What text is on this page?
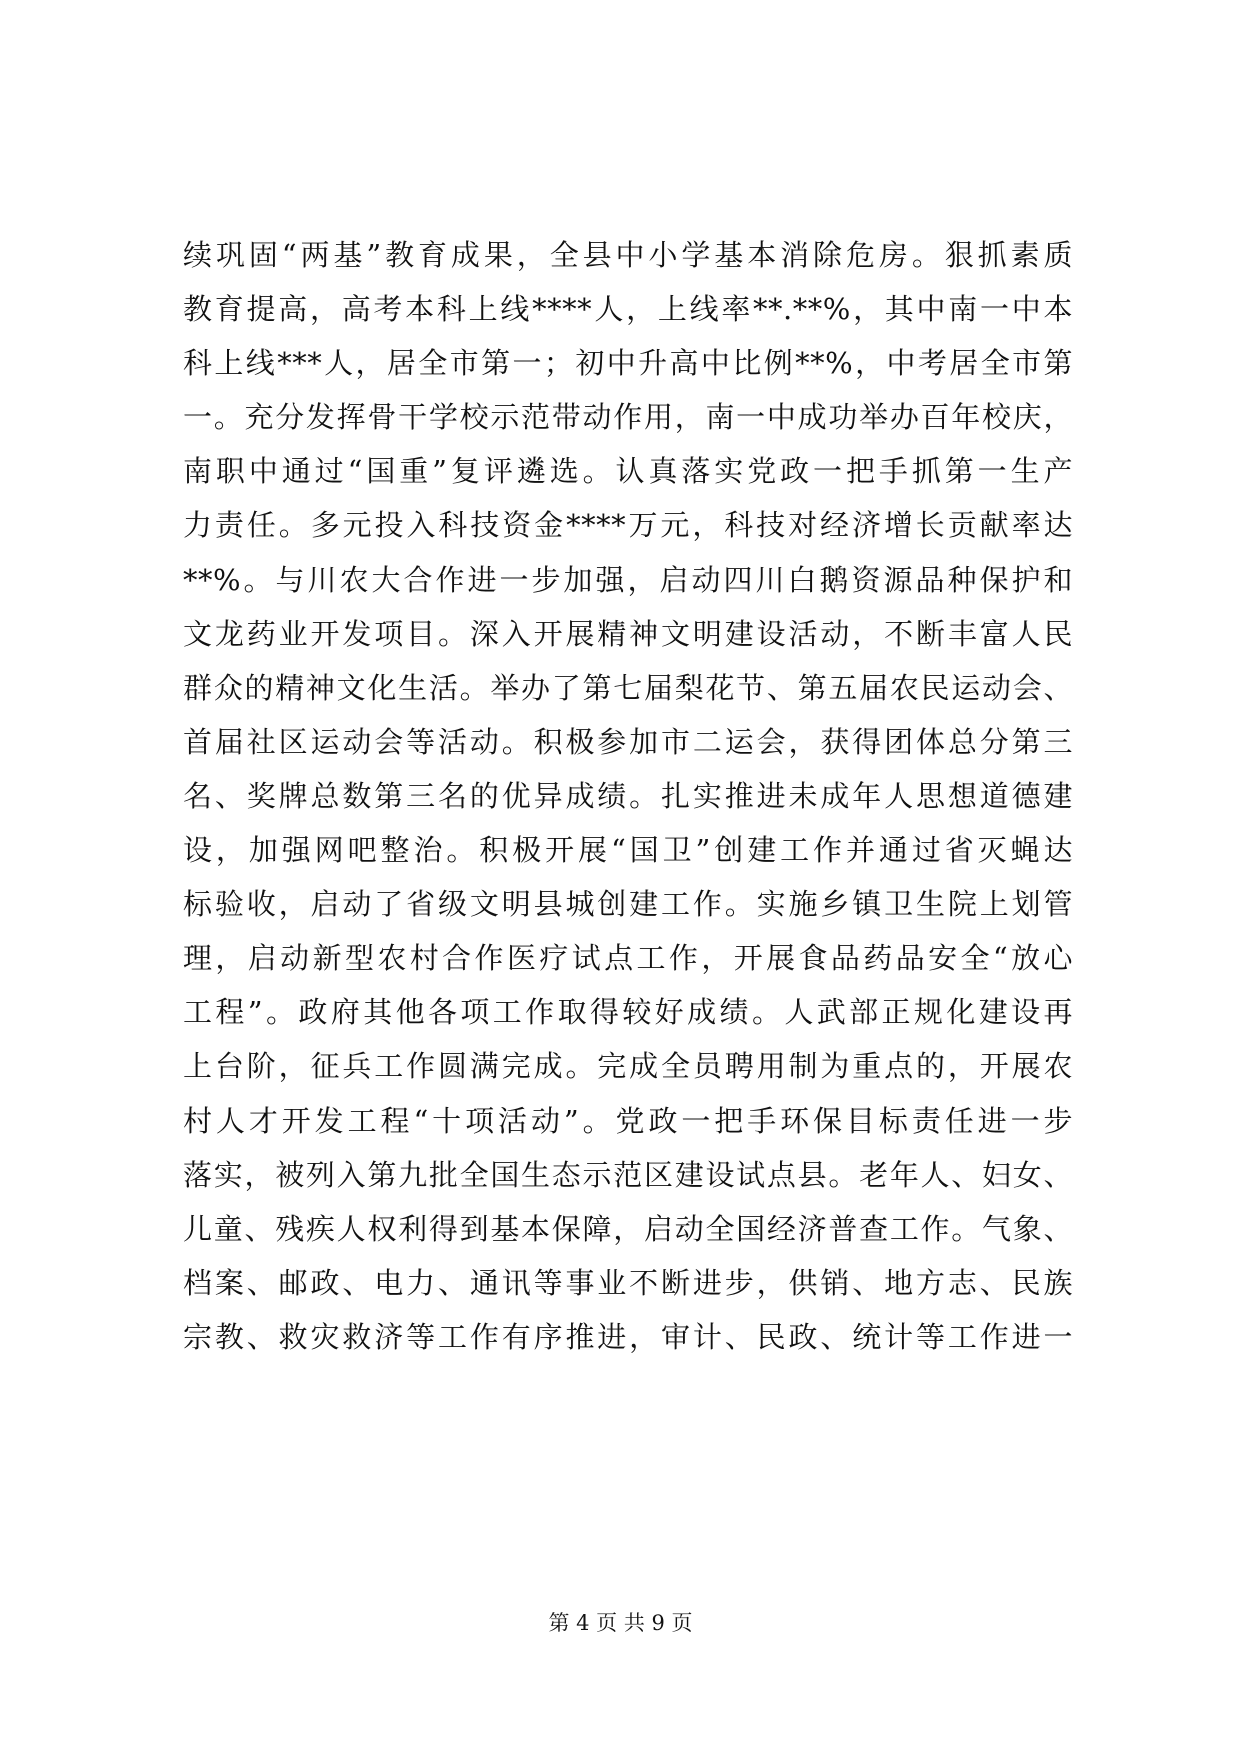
续巩固“两基”教育成果，全县中小学基本消除危房。狠抓素质
教育提高，高考本科上线****人，上线率**.**%，其中南一中本
科上线***人，居全市第一；初中升高中比例**%，中考居全市第
一。充分发挥骨干学校示范带动作用，南一中成功举办百年校庆，
南职中通过“国重”复评遴选。认真落实党政一把手抓第一生产
力责任。多元投入科技资金****万元，科技对经济增长贡献率达
**%。与川农大合作进一步加强，启动四川白鹅资源品种保护和
文龙药业开发项目。深入开展精神文明建设活动，不断丰富人民
群众的精神文化生活。举办了第七届梨花节、第五届农民运动会、
首届社区运动会等活动。积极参加市二运会，获得团体总分第三
名、奖牌总数第三名的优异成绩。扎实推进未成年人思想道德建
设，加强网吧整治。积极开展“国卫”创建工作并通过省灭蝇达
标验收，启动了省级文明县城创建工作。实施乡镇卫生院上划管
理，启动新型农村合作医疗试点工作，开展食品药品安全“放心
工程”。政府其他各项工作取得较好成绩。人武部正规化建设再
上台阶，征兵工作圆满完成。完成全员聘用制为重点的，开展农
村人才开发工程“十项活动”。党政一把手环保目标责任进一步
落实，被列入第九批全国生态示范区建设试点县。老年人、妇女、
儿童、残疾人权利得到基本保障，启动全国经济普查工作。气象、
档案、邮政、电力、通讯等事业不断进步，供销、地方志、民族
宗教、救灾救济等工作有序推进，审计、民政、统计等工作进一
第 4 页 共 9 页
